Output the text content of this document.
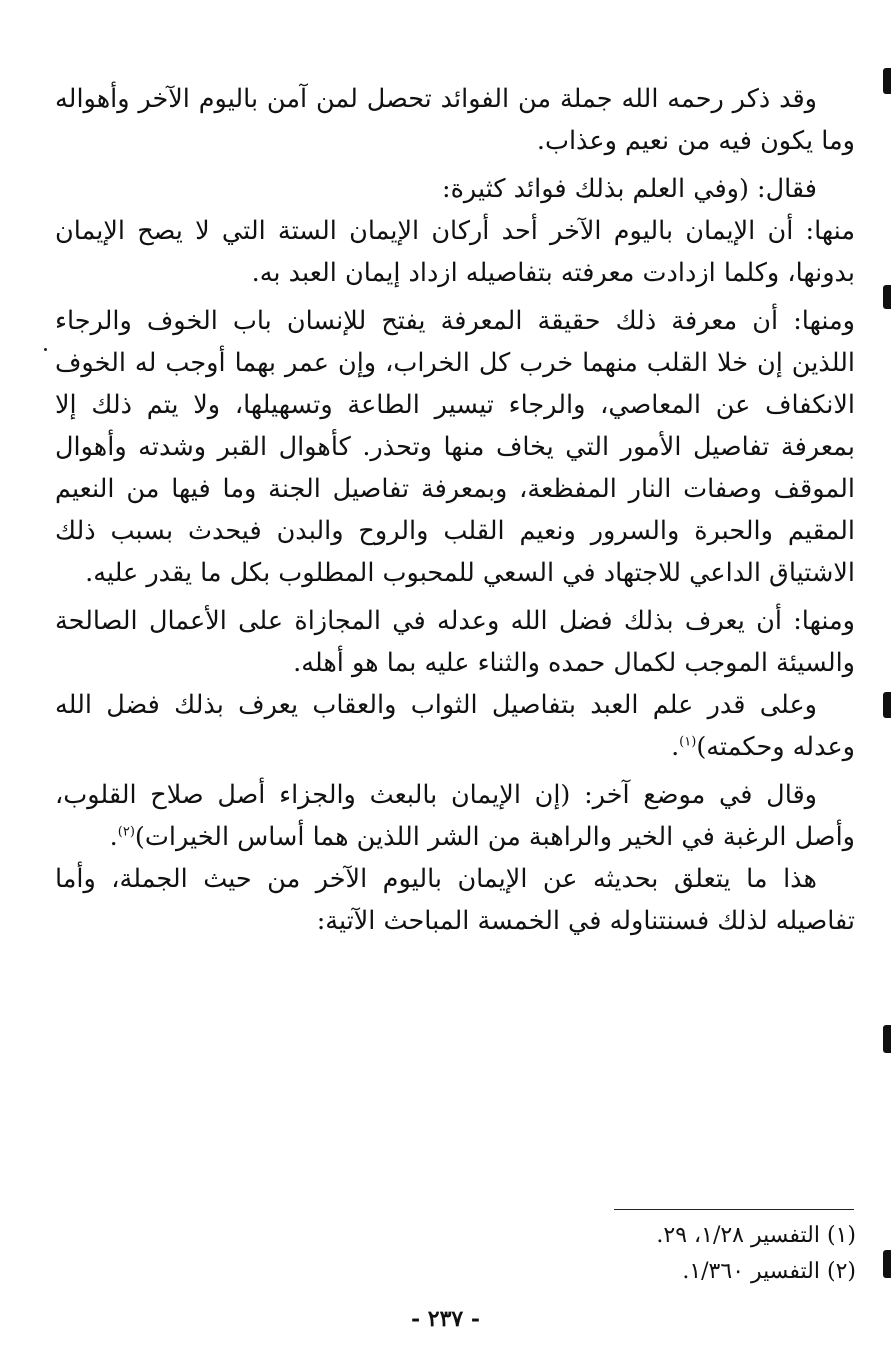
وقد ذكر رحمه الله جملة من الفوائد تحصل لمن آمن باليوم الآخر وأهواله وما يكون فيه من نعيم وعذاب.

فقال: (وفي العلم بذلك فوائد كثيرة:

منها: أن الإيمان باليوم الآخر أحد أركان الإيمان الستة التي لا يصح الإيمان بدونها، وكلما ازدادت معرفته بتفاصيله ازداد إيمان العبد به.

ومنها: أن معرفة ذلك حقيقة المعرفة يفتح للإنسان باب الخوف والرجاء اللذين إن خلا القلب منهما خرب كل الخراب، وإن عمر بهما أوجب له الخوف الانكفاف عن المعاصي، والرجاء تيسير الطاعة وتسهيلها، ولا يتم ذلك إلا بمعرفة تفاصيل الأمور التي يخاف منها وتحذر. كأهوال القبر وشدته وأهوال الموقف وصفات النار المفظعة، وبمعرفة تفاصيل الجنة وما فيها من النعيم المقيم والحبرة والسرور ونعيم القلب والروح والبدن فيحدث بسبب ذلك الاشتياق الداعي للاجتهاد في السعي للمحبوب المطلوب بكل ما يقدر عليه.

ومنها: أن يعرف بذلك فضل الله وعدله في المجازاة على الأعمال الصالحة والسيئة الموجب لكمال حمده والثناء عليه بما هو أهله.

وعلى قدر علم العبد بتفاصيل الثواب والعقاب يعرف بذلك فضل الله وعدله وحكمته)$^{(١)}$.

وقال في موضع آخر: (إن الإيمان بالبعث والجزاء أصل صلاح القلوب، وأصل الرغبة في الخير والراهبة من الشر اللذين هما أساس الخيرات)$^{(٢)}$.

هذا ما يتعلق بحديثه عن الإيمان باليوم الآخر من حيث الجملة، وأما تفاصيله لذلك فسنتناوله في الخمسة المباحث الآتية:

(١) التفسير ١/٢٨، ٢٩.

(٢) التفسير ١/٣٦٠.

- ٢٣٧ -
